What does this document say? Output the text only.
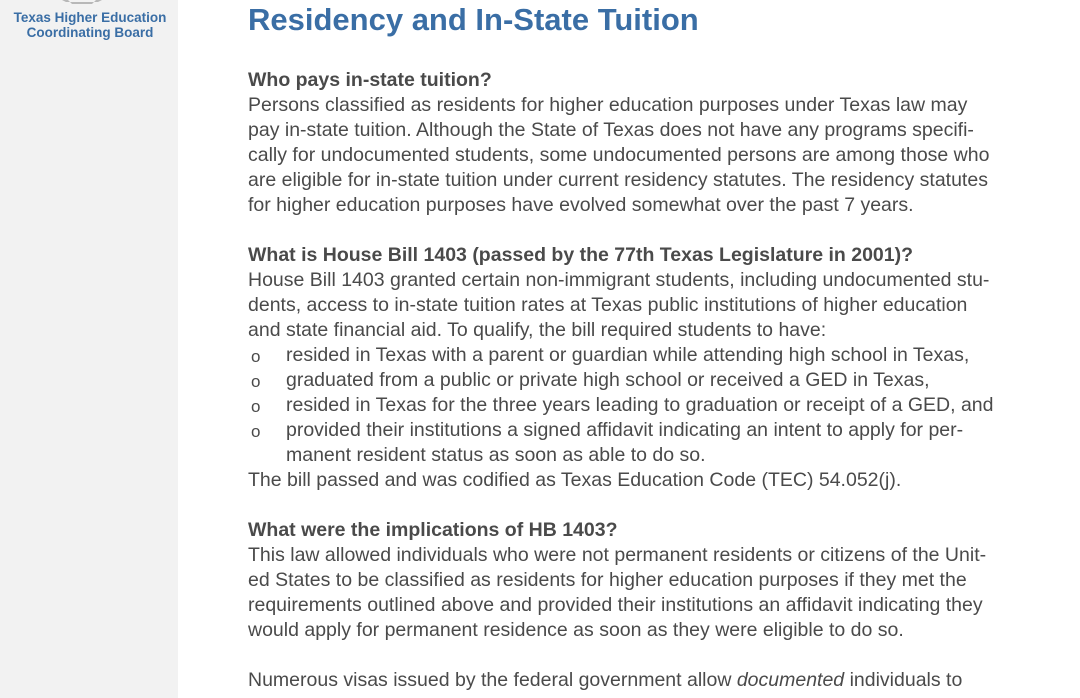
Texas Higher Education
Coordinating Board	Residency and In-State Tuition

Who pays in-state tuition?

Persons classified as residents for higher education purposes under Texas law may
pay in-state tuition. Although the State of Texas does not have any programs specifi-
cally for undocumented students, some undocumented persons are among those who
are eligible for in-state tuition under current residency statutes. The residency statutes
for higher education purposes have evolved somewhat over the past 7 years.

What is House Bill 1403 (passed by the 77th Texas Legislature in 2001)?

House Bill 1403 granted certain non-immigrant students, including undocumented stu-
dents, access to in-state tuition rates at Texas public institutions of higher education
and state financial aid. To qualify, the bill required students to have:
o resided in Texas with a parent or guardian while attending high school in Texas,
o graduated from a public or private high school or received a GED in Texas,
o resided in Texas for the three years leading to graduation or receipt of a GED, and
o provided their institutions a signed affidavit indicating an intent to apply for per-
manent resident status as soon as able to do so.
The bill passed and was codified as Texas Education Code (TEC) 54.052(j).

What were the implications of HB 1403?

This law allowed individuals who were not permanent residents or citizens of the Unit-
ed States to be classified as residents for higher education purposes if they met the
requirements outlined above and provided their institutions an affidavit indicating they
would apply for permanent residence as soon as they were eligible to do so.
Numerous visas issued by the federal government allow documented individuals to
